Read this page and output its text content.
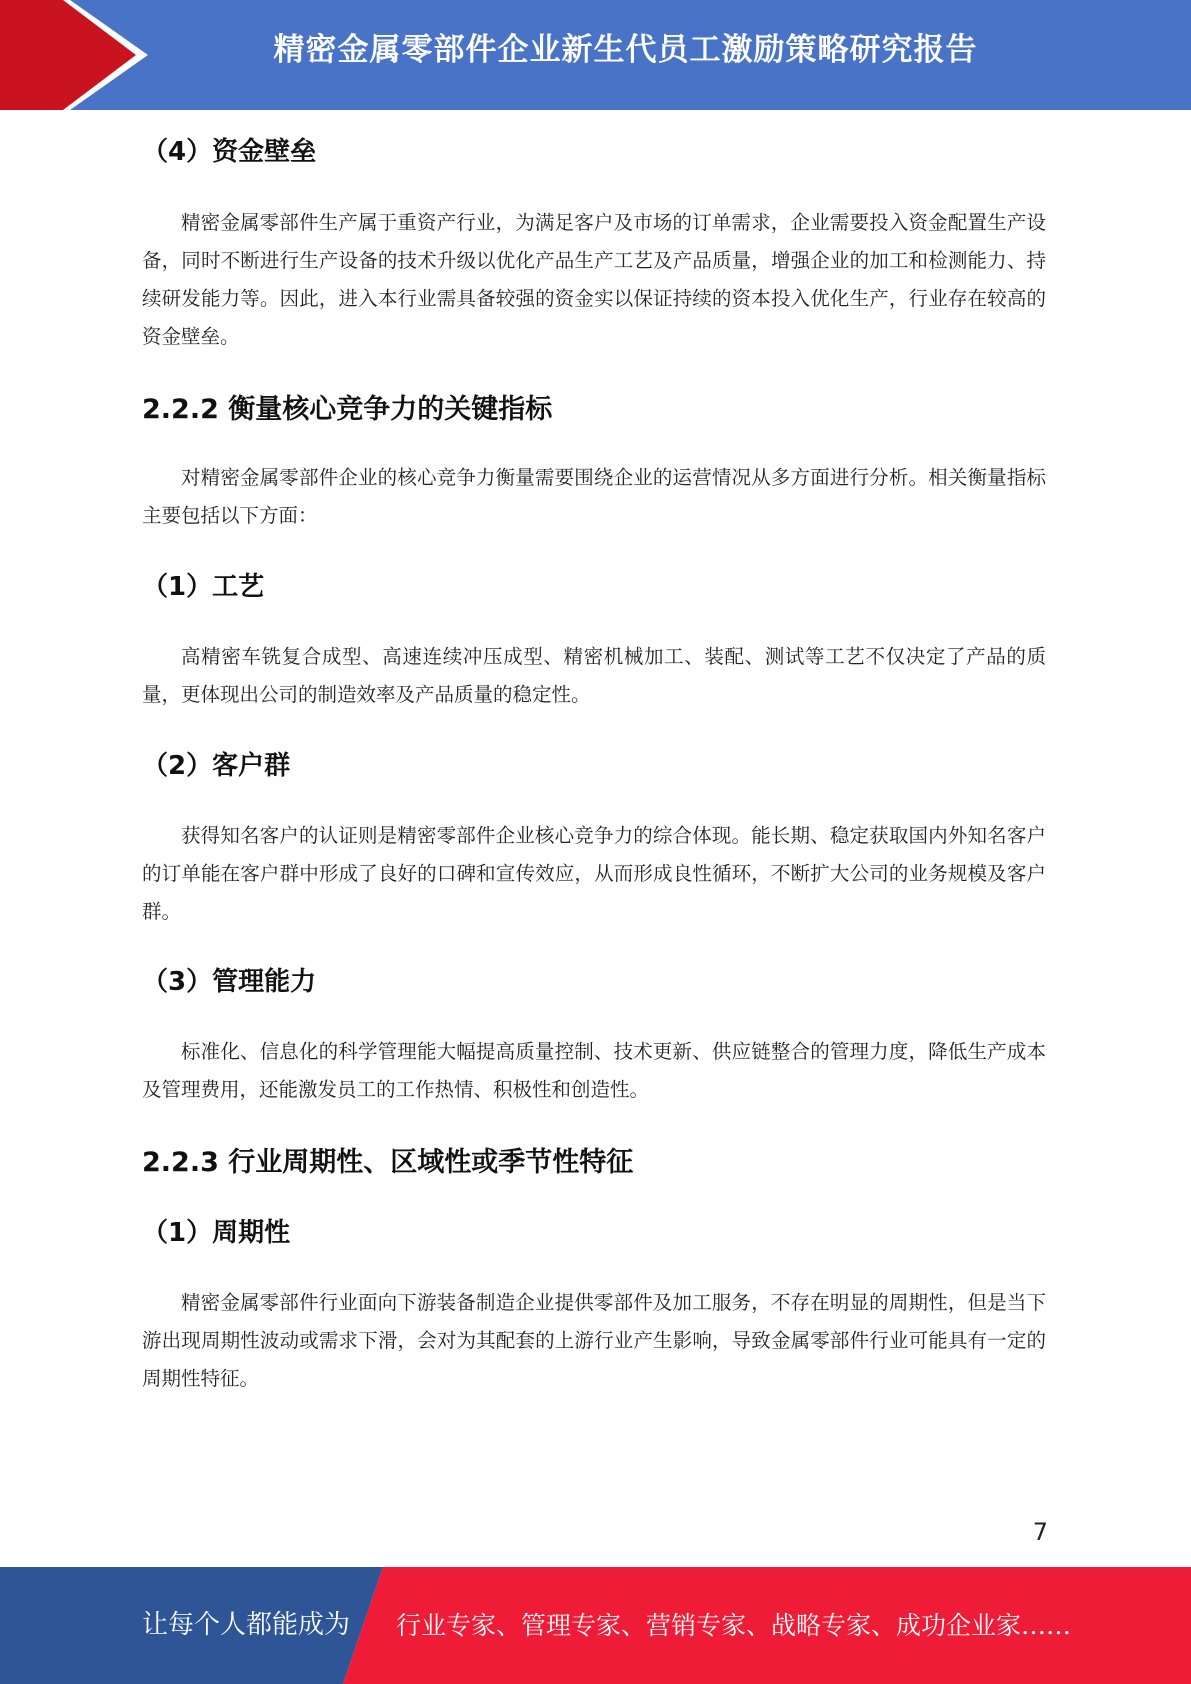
精密金属零部件企业新生代员工激励策略研究报告
（4）资金壁垒

精密金属零部件生产属于重资产行业，为满足客户及市场的订单需求，企业需要投入资金配置生产设备，同时不断进行生产设备的技术升级以优化产品生产工艺及产品质量，增强企业的加工和检测能力、持续研发能力等。因此，进入本行业需具备较强的资金实以保证持续的资本投入优化生产，行业存在较高的资金壁垒。

2.2.2 衡量核心竞争力的关键指标

对精密金属零部件企业的核心竞争力衡量需要围绕企业的运营情况从多方面进行分析。相关衡量指标主要包括以下方面：

（1）工艺

高精密车铣复合成型、高速连续冲压成型、精密机械加工、装配、测试等工艺不仅决定了产品的质量，更体现出公司的制造效率及产品质量的稳定性。

（2）客户群

获得知名客户的认证则是精密零部件企业核心竞争力的综合体现。能长期、稳定获取国内外知名客户的订单能在客户群中形成了良好的口碑和宣传效应，从而形成良性循环，不断扩大公司的业务规模及客户群。

（3）管理能力

标准化、信息化的科学管理能大幅提高质量控制、技术更新、供应链整合的管理力度，降低生产成本及管理费用，还能激发员工的工作热情、积极性和创造性。

2.2.3 行业周期性、区域性或季节性特征
（1）周期性

精密金属零部件行业面向下游装备制造企业提供零部件及加工服务，不存在明显的周期性，但是当下游出现周期性波动或需求下滑，会对为其配套的上游行业产生影响，导致金属零部件行业可能具有一定的周期性特征。

7
让每个人都能成为 行业专家、管理专家、营销专家、战略专家、成功企业家……
